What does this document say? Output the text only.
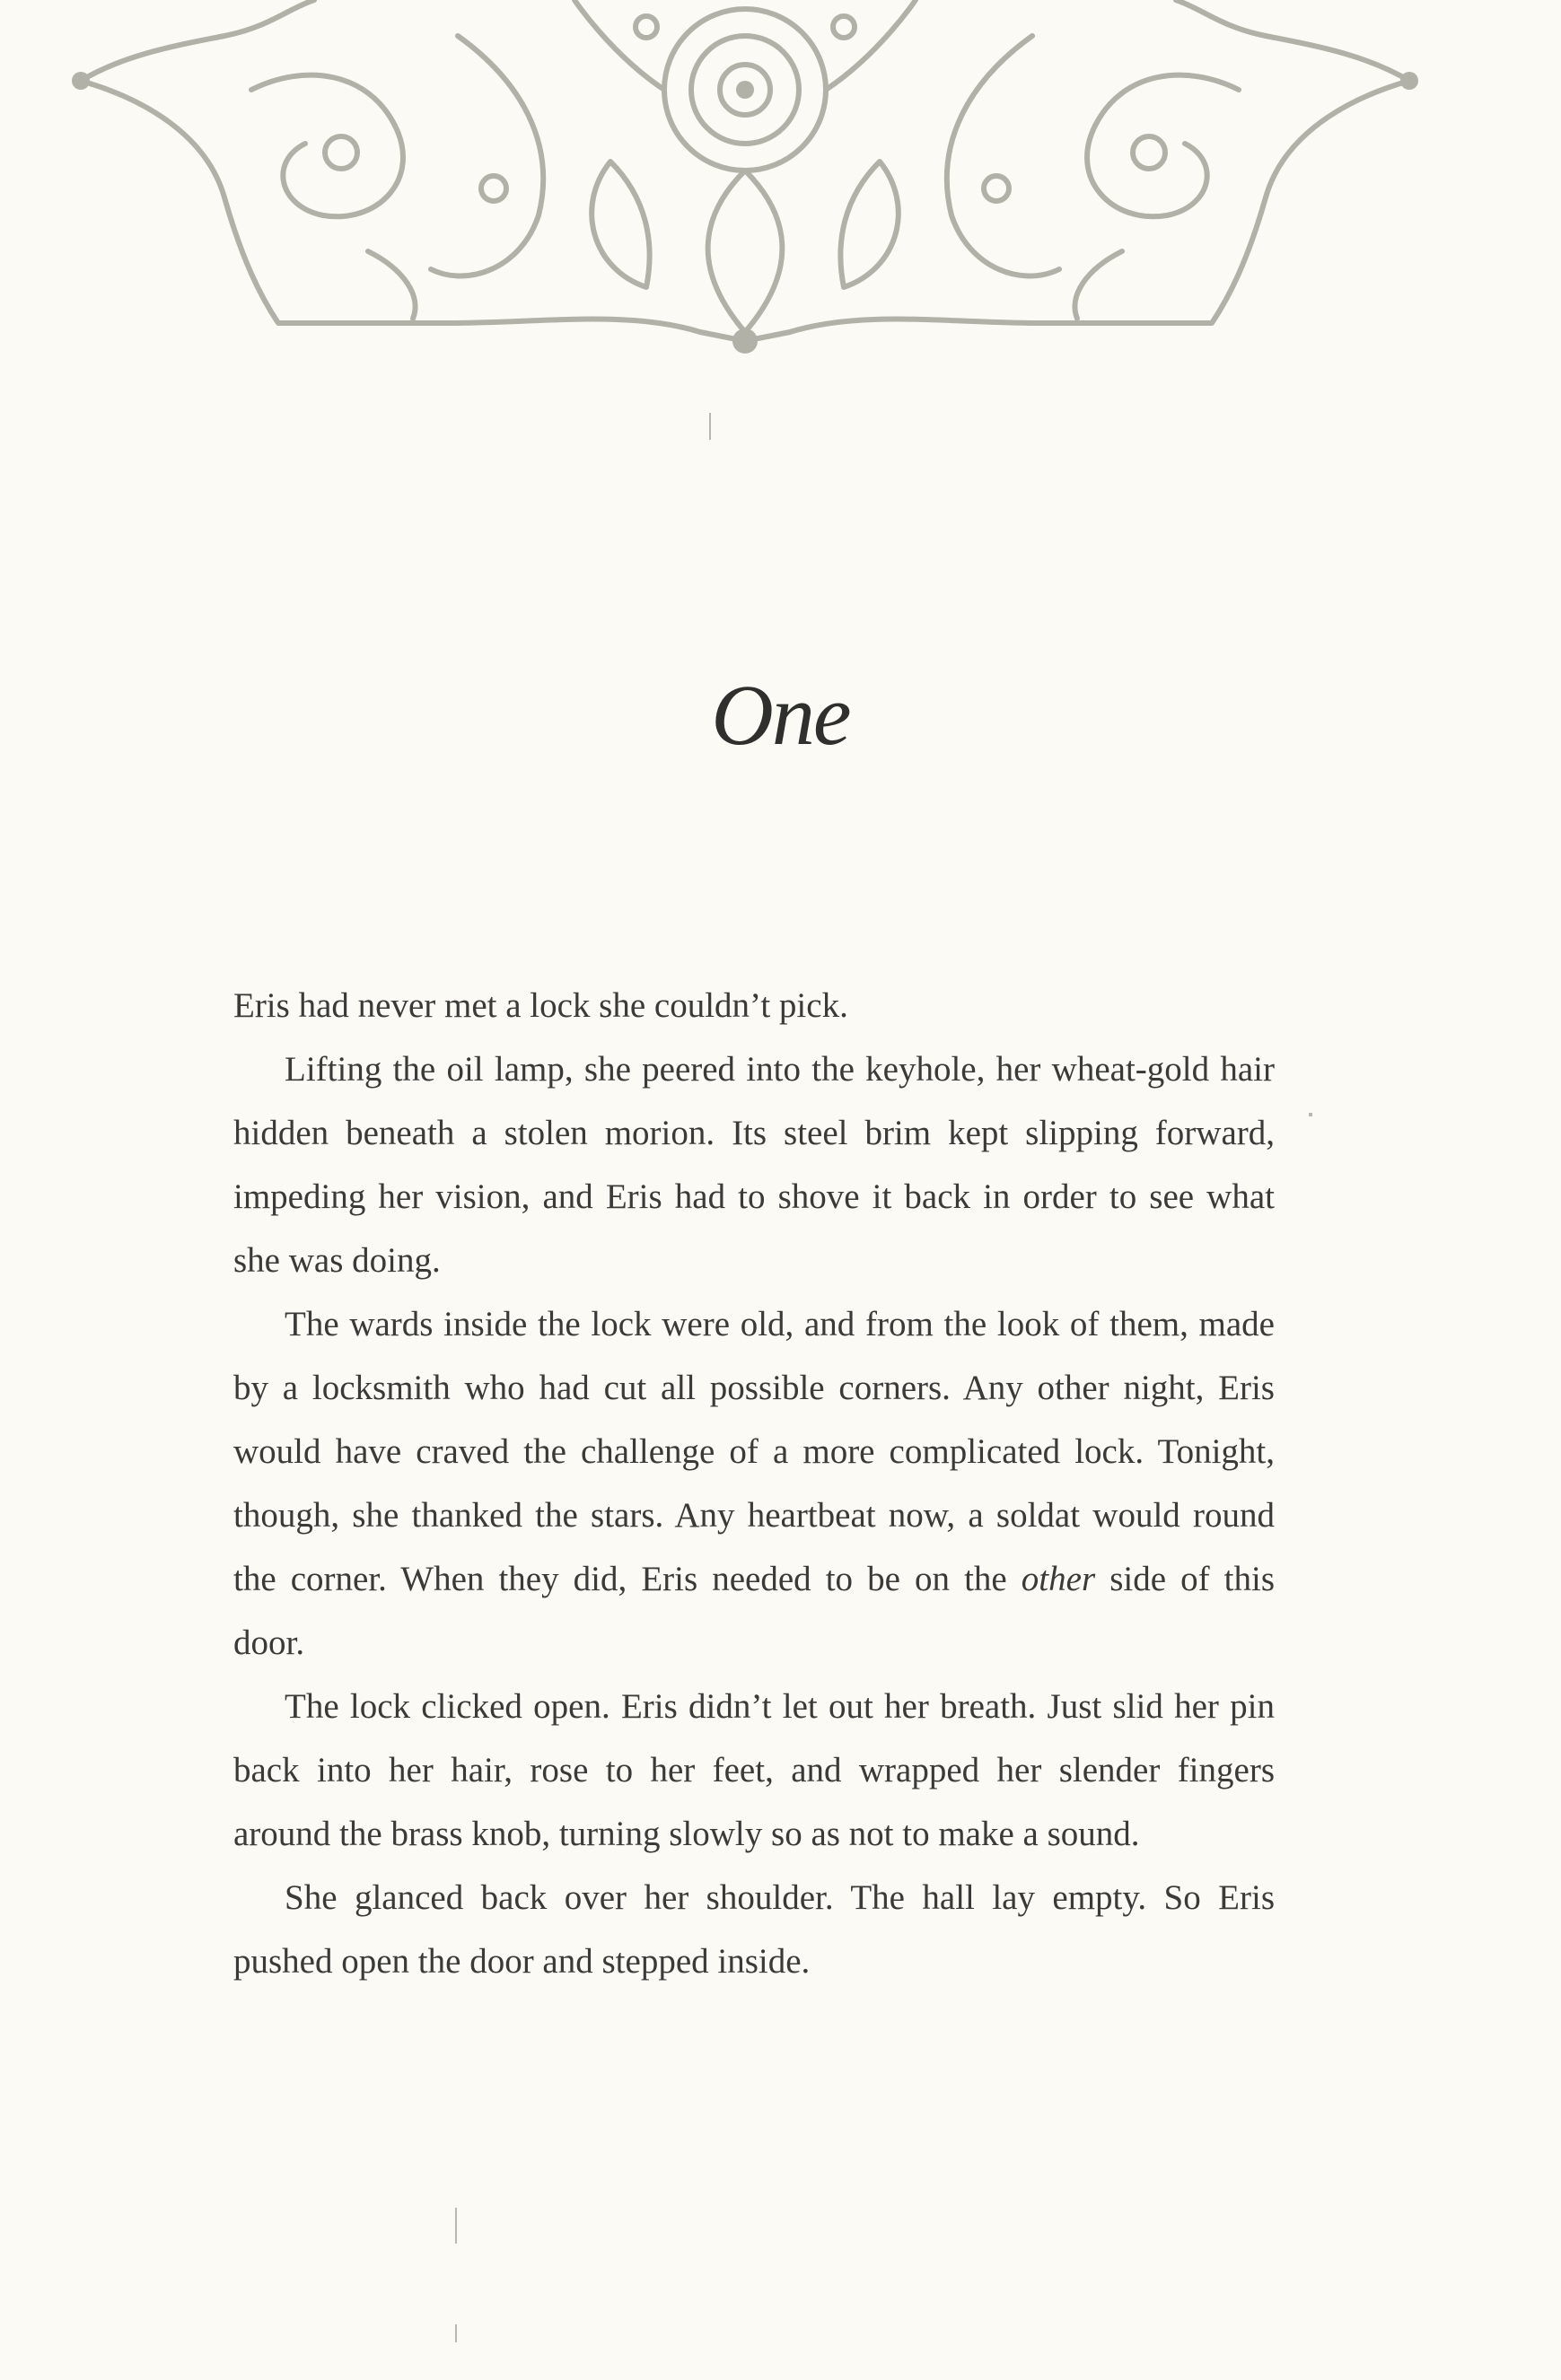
One

Eris had never met a lock she couldn’t pick.

Lifting the oil lamp, she peered into the keyhole, her wheat-gold hair hidden beneath a stolen morion. Its steel brim kept slipping forward, impeding her vision, and Eris had to shove it back in order to see what she was doing.

The wards inside the lock were old, and from the look of them, made by a locksmith who had cut all possible corners. Any other night, Eris would have craved the challenge of a more complicated lock. Tonight, though, she thanked the stars. Any heartbeat now, a soldat would round the corner. When they did, Eris needed to be on the other side of this door.

The lock clicked open. Eris didn’t let out her breath. Just slid her pin back into her hair, rose to her feet, and wrapped her slender fingers around the brass knob, turning slowly so as not to make a sound.

She glanced back over her shoulder. The hall lay empty. So Eris pushed open the door and stepped inside.
